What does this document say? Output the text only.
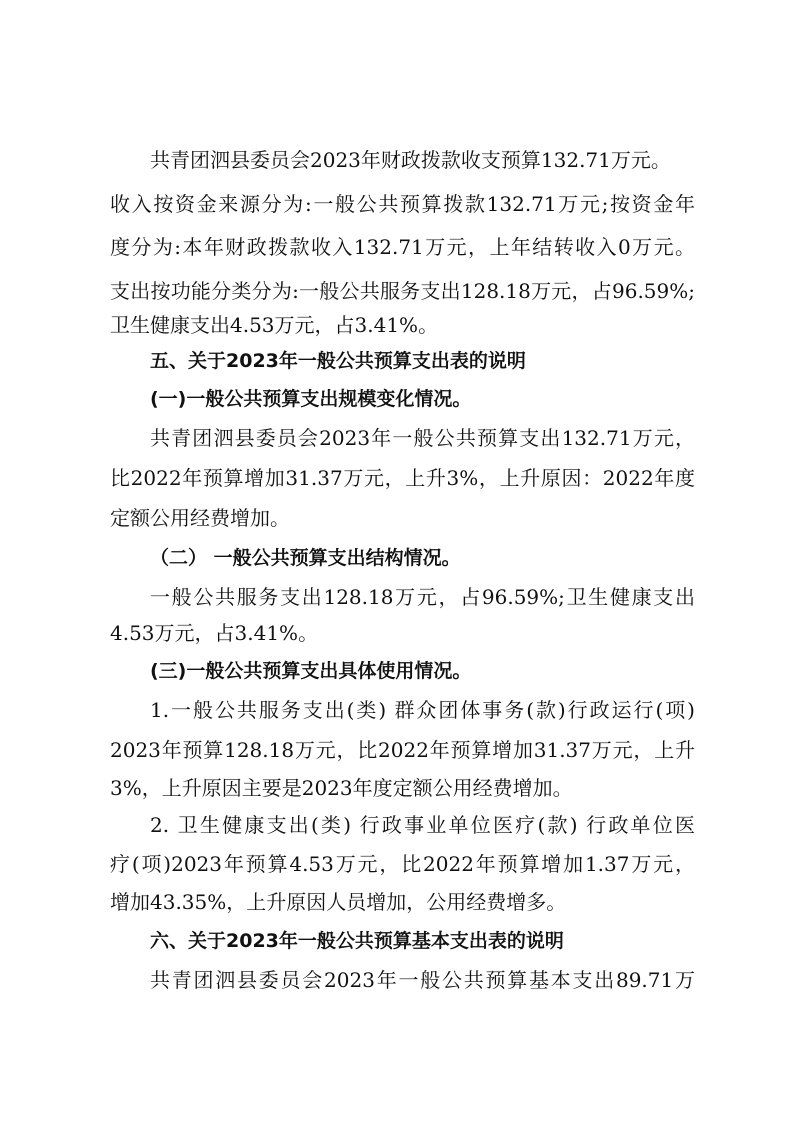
共青团泗县委员会2023年财政拨款收支预算132.71万元。
收入按资金来源分为:一般公共预算拨款132.71万元;按资金年
度分为:本年财政拨款收入132.71万元，上年结转收入0万元。
支出按功能分类分为:一般公共服务支出128.18万元，占96.59%;
卫生健康支出4.53万元，占3.41%。
五、关于2023年一般公共预算支出表的说明
(一)一般公共预算支出规模变化情况。
共青团泗县委员会2023年一般公共预算支出132.71万元，
比2022年预算增加31.37万元，上升3%，上升原因：2022年度
定额公用经费增加。
（二） 一般公共预算支出结构情况。
一般公共服务支出128.18万元，占96.59%;卫生健康支出
4.53万元，占3.41%。
(三)一般公共预算支出具体使用情况。
1.一般公共服务支出(类) 群众团体事务(款)行政运行(项)
2023年预算128.18万元，比2022年预算增加31.37万元，上升
3%，上升原因主要是2023年度定额公用经费增加。
2. 卫生健康支出(类) 行政事业单位医疗(款) 行政单位医
疗(项)2023年预算4.53万元，比2022年预算增加1.37万元，
增加43.35%，上升原因人员增加，公用经费增多。
六、关于2023年一般公共预算基本支出表的说明
共青团泗县委员会2023年一般公共预算基本支出89.71万
